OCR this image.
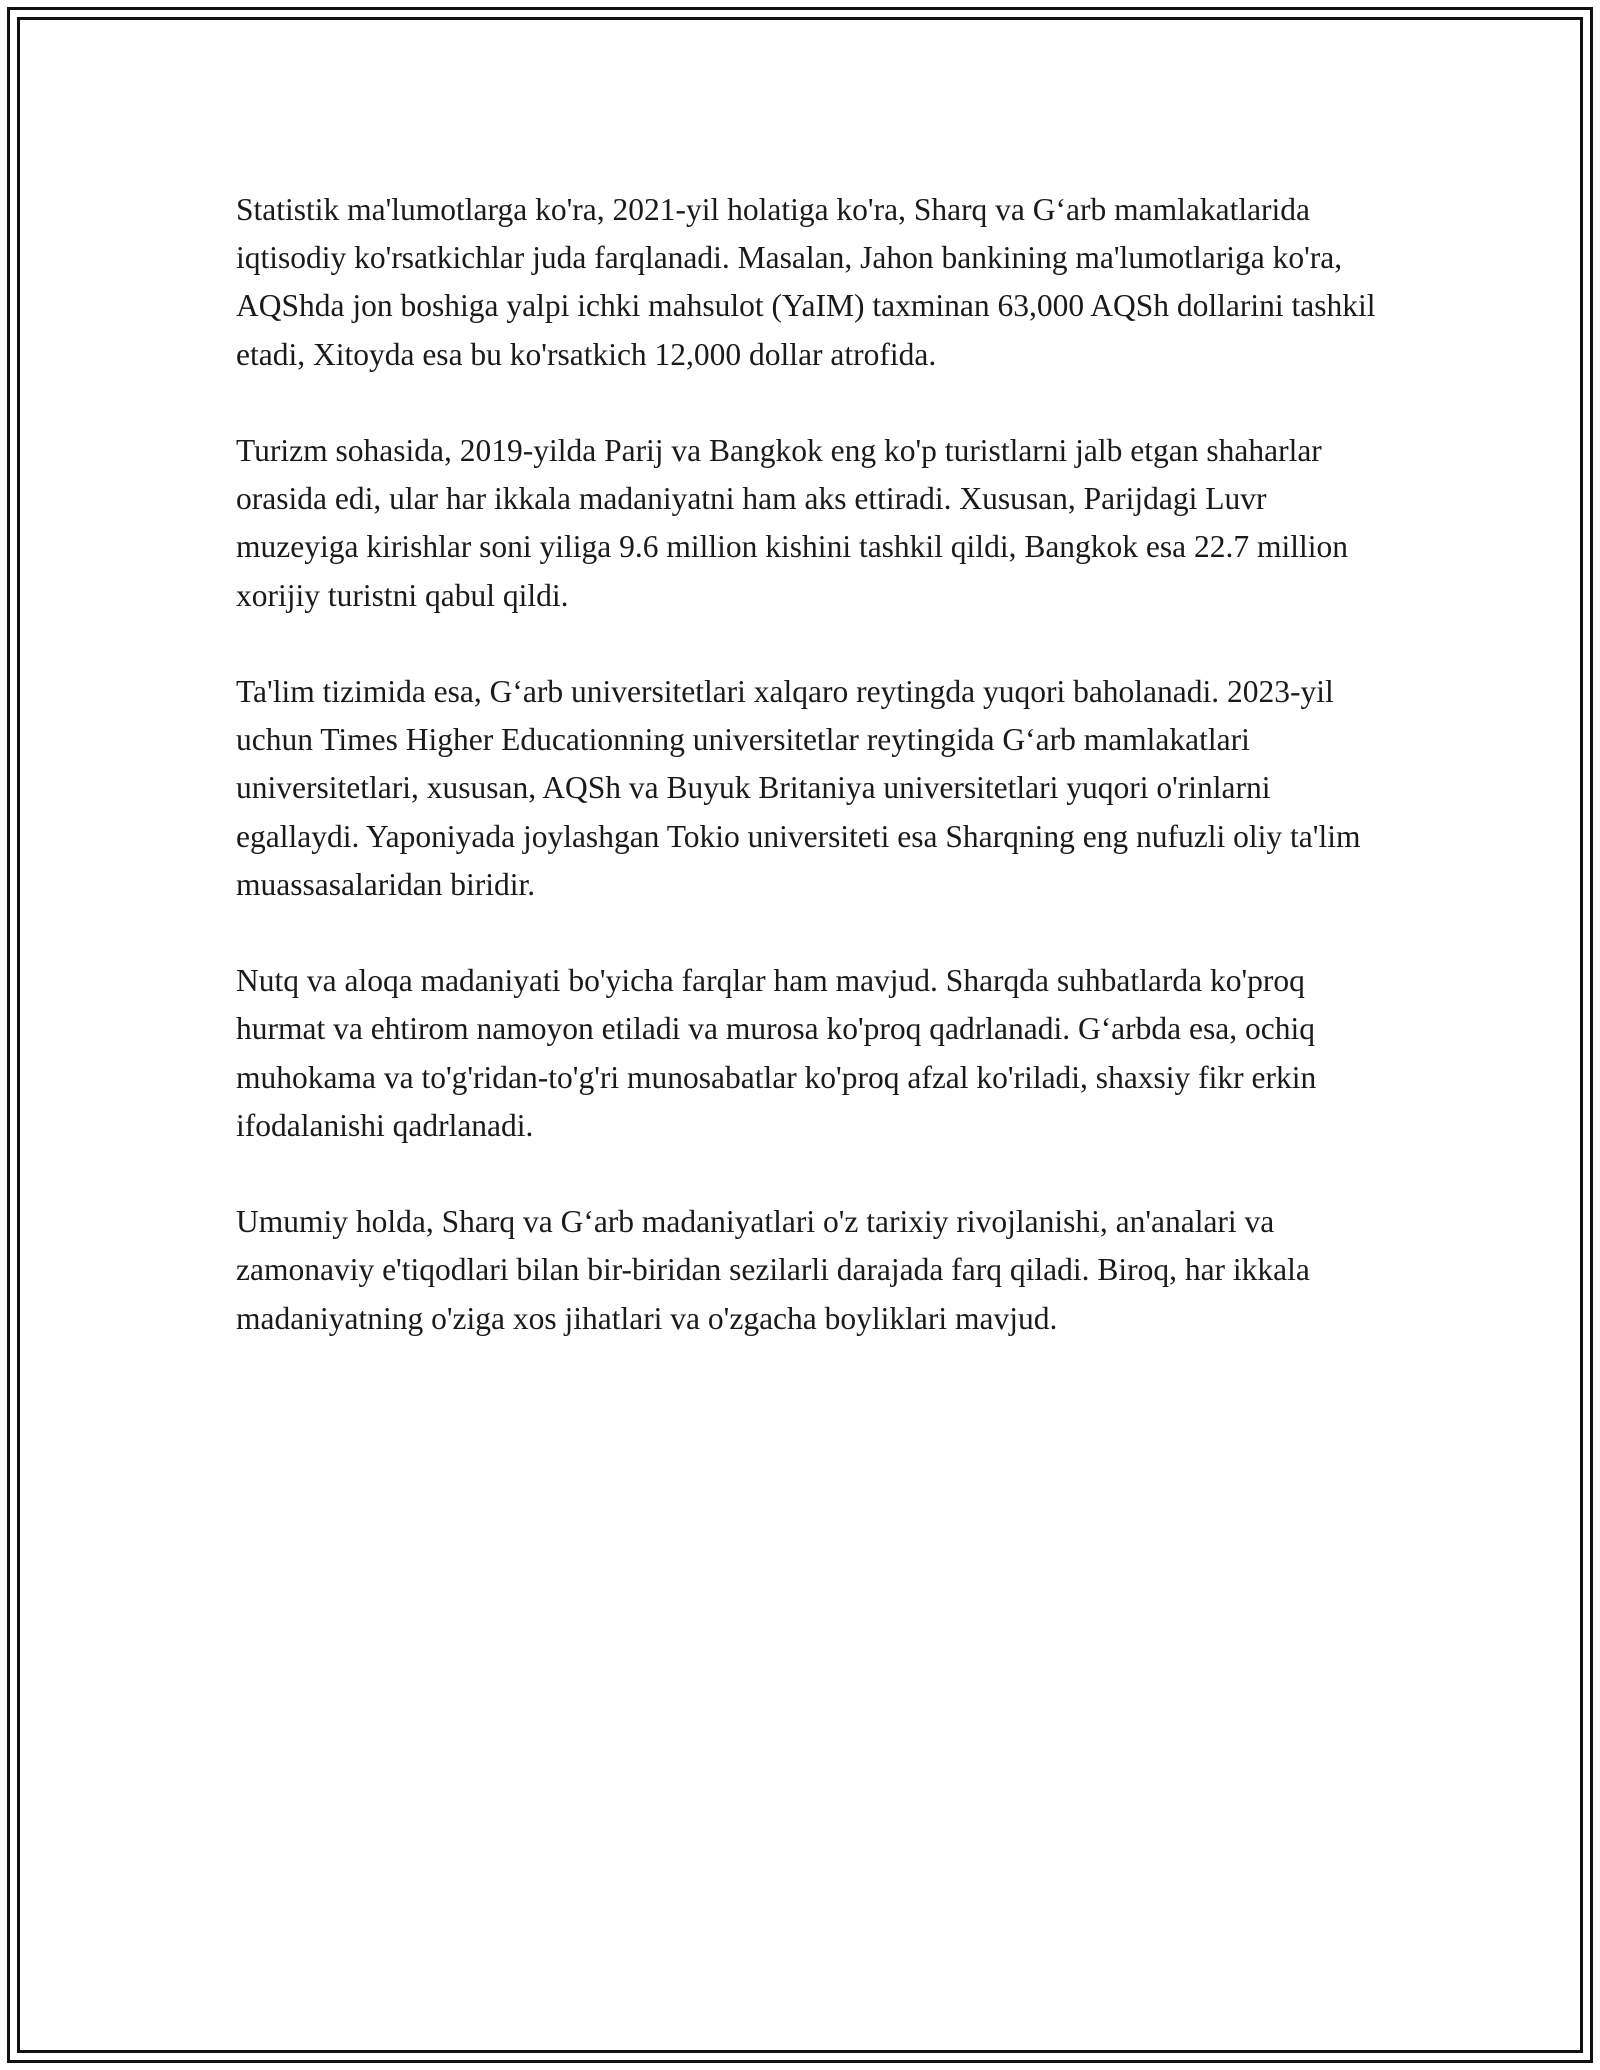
Statistik ma'lumotlarga ko'ra, 2021-yil holatiga ko'ra, Sharq va G‘arb mamlakatlarida iqtisodiy ko'rsatkichlar juda farqlanadi. Masalan, Jahon bankining ma'lumotlariga ko'ra, AQShda jon boshiga yalpi ichki mahsulot (YaIM) taxminan 63,000 AQSh dollarini tashkil etadi, Xitoyda esa bu ko'rsatkich 12,000 dollar atrofida.

Turizm sohasida, 2019-yilda Parij va Bangkok eng ko'p turistlarni jalb etgan shaharlar orasida edi, ular har ikkala madaniyatni ham aks ettiradi. Xususan, Parijdagi Luvr muzeyiga kirishlar soni yiliga 9.6 million kishini tashkil qildi, Bangkok esa 22.7 million xorijiy turistni qabul qildi.

Ta'lim tizimida esa, G‘arb universitetlari xalqaro reytingda yuqori baholanadi. 2023-yil uchun Times Higher Educationning universitetlar reytingida G‘arb mamlakatlari universitetlari, xususan, AQSh va Buyuk Britaniya universitetlari yuqori o'rinlarni egallaydi. Yaponiyada joylashgan Tokio universiteti esa Sharqning eng nufuzli oliy ta'lim muassasalaridan biridir.

Nutq va aloqa madaniyati bo'yicha farqlar ham mavjud. Sharqda suhbatlarda ko'proq hurmat va ehtirom namoyon etiladi va murosa ko'proq qadrlanadi. G‘arbda esa, ochiq muhokama va to'g'ridan-to'g'ri munosabatlar ko'proq afzal ko'riladi, shaxsiy fikr erkin ifodalanishi qadrlanadi.

Umumiy holda, Sharq va G‘arb madaniyatlari o'z tarixiy rivojlanishi, an'analari va zamonaviy e'tiqodlari bilan bir-biridan sezilarli darajada farq qiladi. Biroq, har ikkala madaniyatning o'ziga xos jihatlari va o'zgacha boyliklari mavjud.
